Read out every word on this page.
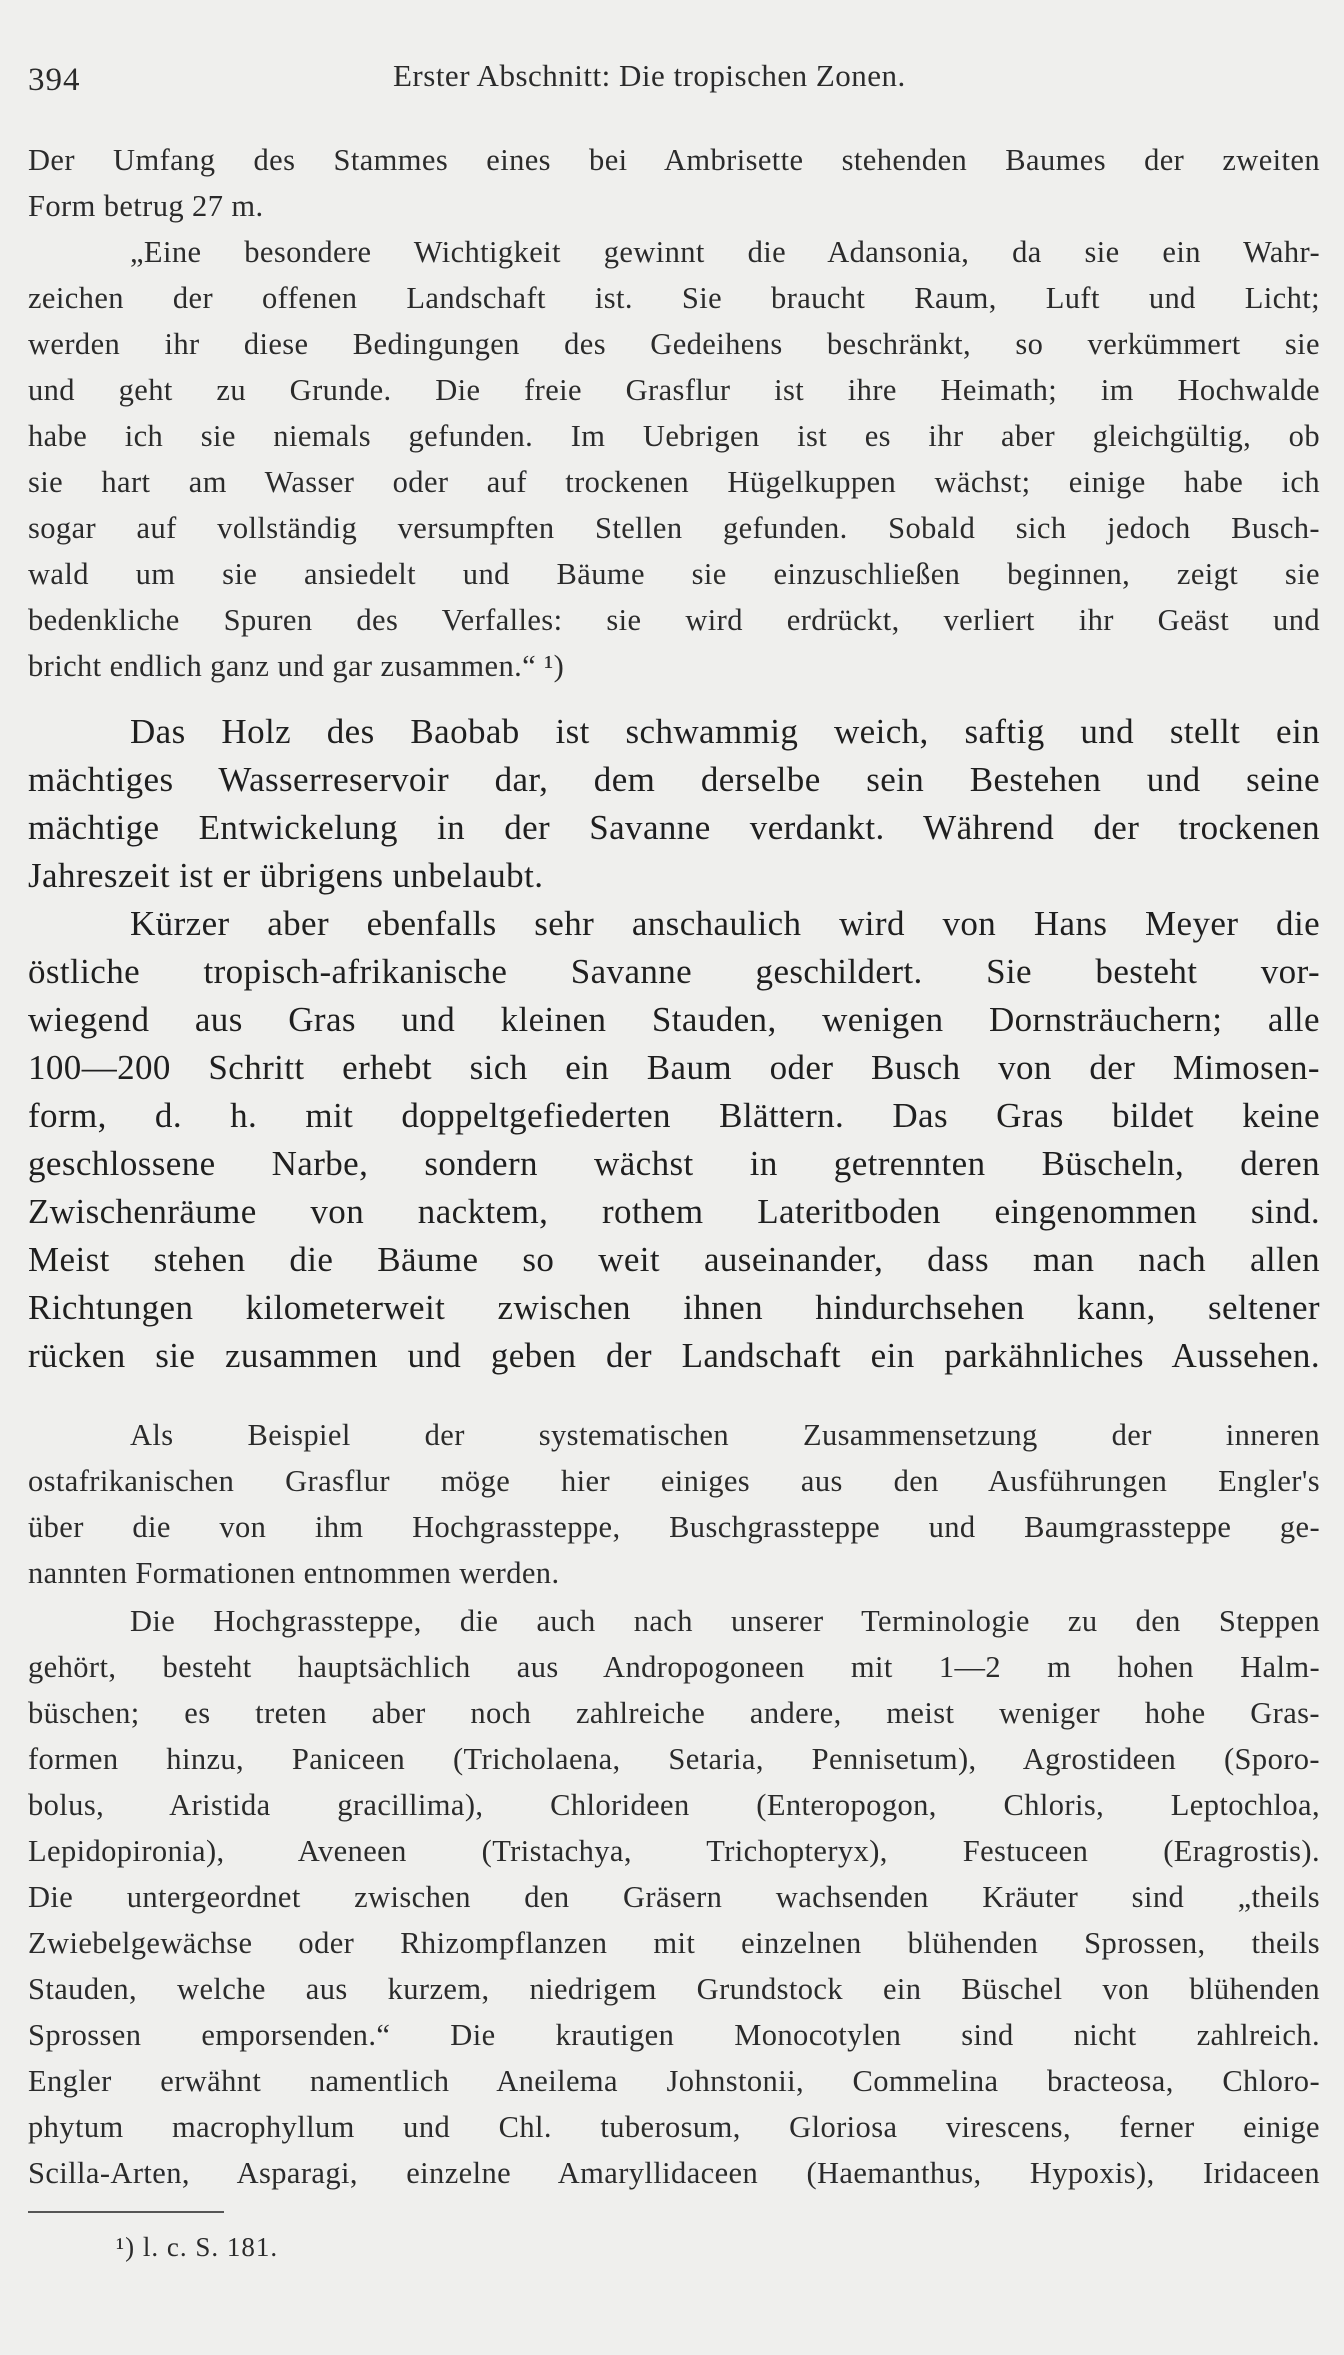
394	Erster Abschnitt: Die tropischen Zonen.

Der Umfang des Stammes eines bei Ambrisette stehenden Baumes der zweiten

Form betrug 27 m.

„Eine besondere Wichtigkeit gewinnt die Adansonia, da sie ein Wahr-

zeichen der offenen Landschaft ist. Sie braucht Raum, Luft und Licht;

werden ihr diese Bedingungen des Gedeihens beschränkt, so verkümmert sie

und geht zu Grunde. Die freie Grasflur ist ihre Heimath; im Hochwalde

habe ich sie niemals gefunden. Im Uebrigen ist es ihr aber gleichgültig, ob

sie hart am Wasser oder auf trockenen Hügelkuppen wächst; einige habe ich

sogar auf vollständig versumpften Stellen gefunden. Sobald sich jedoch Busch-

wald um sie ansiedelt und Bäume sie einzuschließen beginnen, zeigt sie

bedenkliche Spuren des Verfalles: sie wird erdrückt, verliert ihr Geäst und

bricht endlich ganz und gar zusammen.“ ¹)

Das Holz des Baobab ist schwammig weich, saftig und stellt ein

mächtiges Wasserreservoir dar, dem derselbe sein Bestehen und seine

mächtige Entwickelung in der Savanne verdankt. Während der trockenen

Jahreszeit ist er übrigens unbelaubt.

Kürzer aber ebenfalls sehr anschaulich wird von Hans Meyer die

östliche tropisch-afrikanische Savanne geschildert. Sie besteht vor-

wiegend aus Gras und kleinen Stauden, wenigen Dornsträuchern; alle

100—200 Schritt erhebt sich ein Baum oder Busch von der Mimosen-

form, d. h. mit doppeltgefiederten Blättern. Das Gras bildet keine

geschlossene Narbe, sondern wächst in getrennten Büscheln, deren

Zwischenräume von nacktem, rothem Lateritboden eingenommen sind.

Meist stehen die Bäume so weit auseinander, dass man nach allen

Richtungen kilometerweit zwischen ihnen hindurchsehen kann, seltener

rücken sie zusammen und geben der Landschaft ein parkähnliches Aussehen.

Als Beispiel der systematischen Zusammensetzung der inneren

ostafrikanischen Grasflur möge hier einiges aus den Ausführungen Engler's

über die von ihm Hochgrassteppe, Buschgrassteppe und Baumgrassteppe ge-

nannten Formationen entnommen werden.

Die Hochgrassteppe, die auch nach unserer Terminologie zu den Steppen

gehört, besteht hauptsächlich aus Andropogoneen mit 1—2 m hohen Halm-

büschen; es treten aber noch zahlreiche andere, meist weniger hohe Gras-

formen hinzu, Paniceen (Tricholaena, Setaria, Pennisetum), Agrostideen (Sporo-

bolus, Aristida gracillima), Chlorideen (Enteropogon, Chloris, Leptochloa,

Lepidopironia), Aveneen (Tristachya, Trichopteryx), Festuceen (Eragrostis).

Die untergeordnet zwischen den Gräsern wachsenden Kräuter sind „theils

Zwiebelgewächse oder Rhizompflanzen mit einzelnen blühenden Sprossen, theils

Stauden, welche aus kurzem, niedrigem Grundstock ein Büschel von blühenden

Sprossen emporsenden.“ Die krautigen Monocotylen sind nicht zahlreich.

Engler erwähnt namentlich Aneilema Johnstonii, Commelina bracteosa, Chloro-

phytum macrophyllum und Chl. tuberosum, Gloriosa virescens, ferner einige

Scilla-Arten, Asparagi, einzelne Amaryllidaceen (Haemanthus, Hypoxis), Iridaceen

¹) l. c. S. 181.
